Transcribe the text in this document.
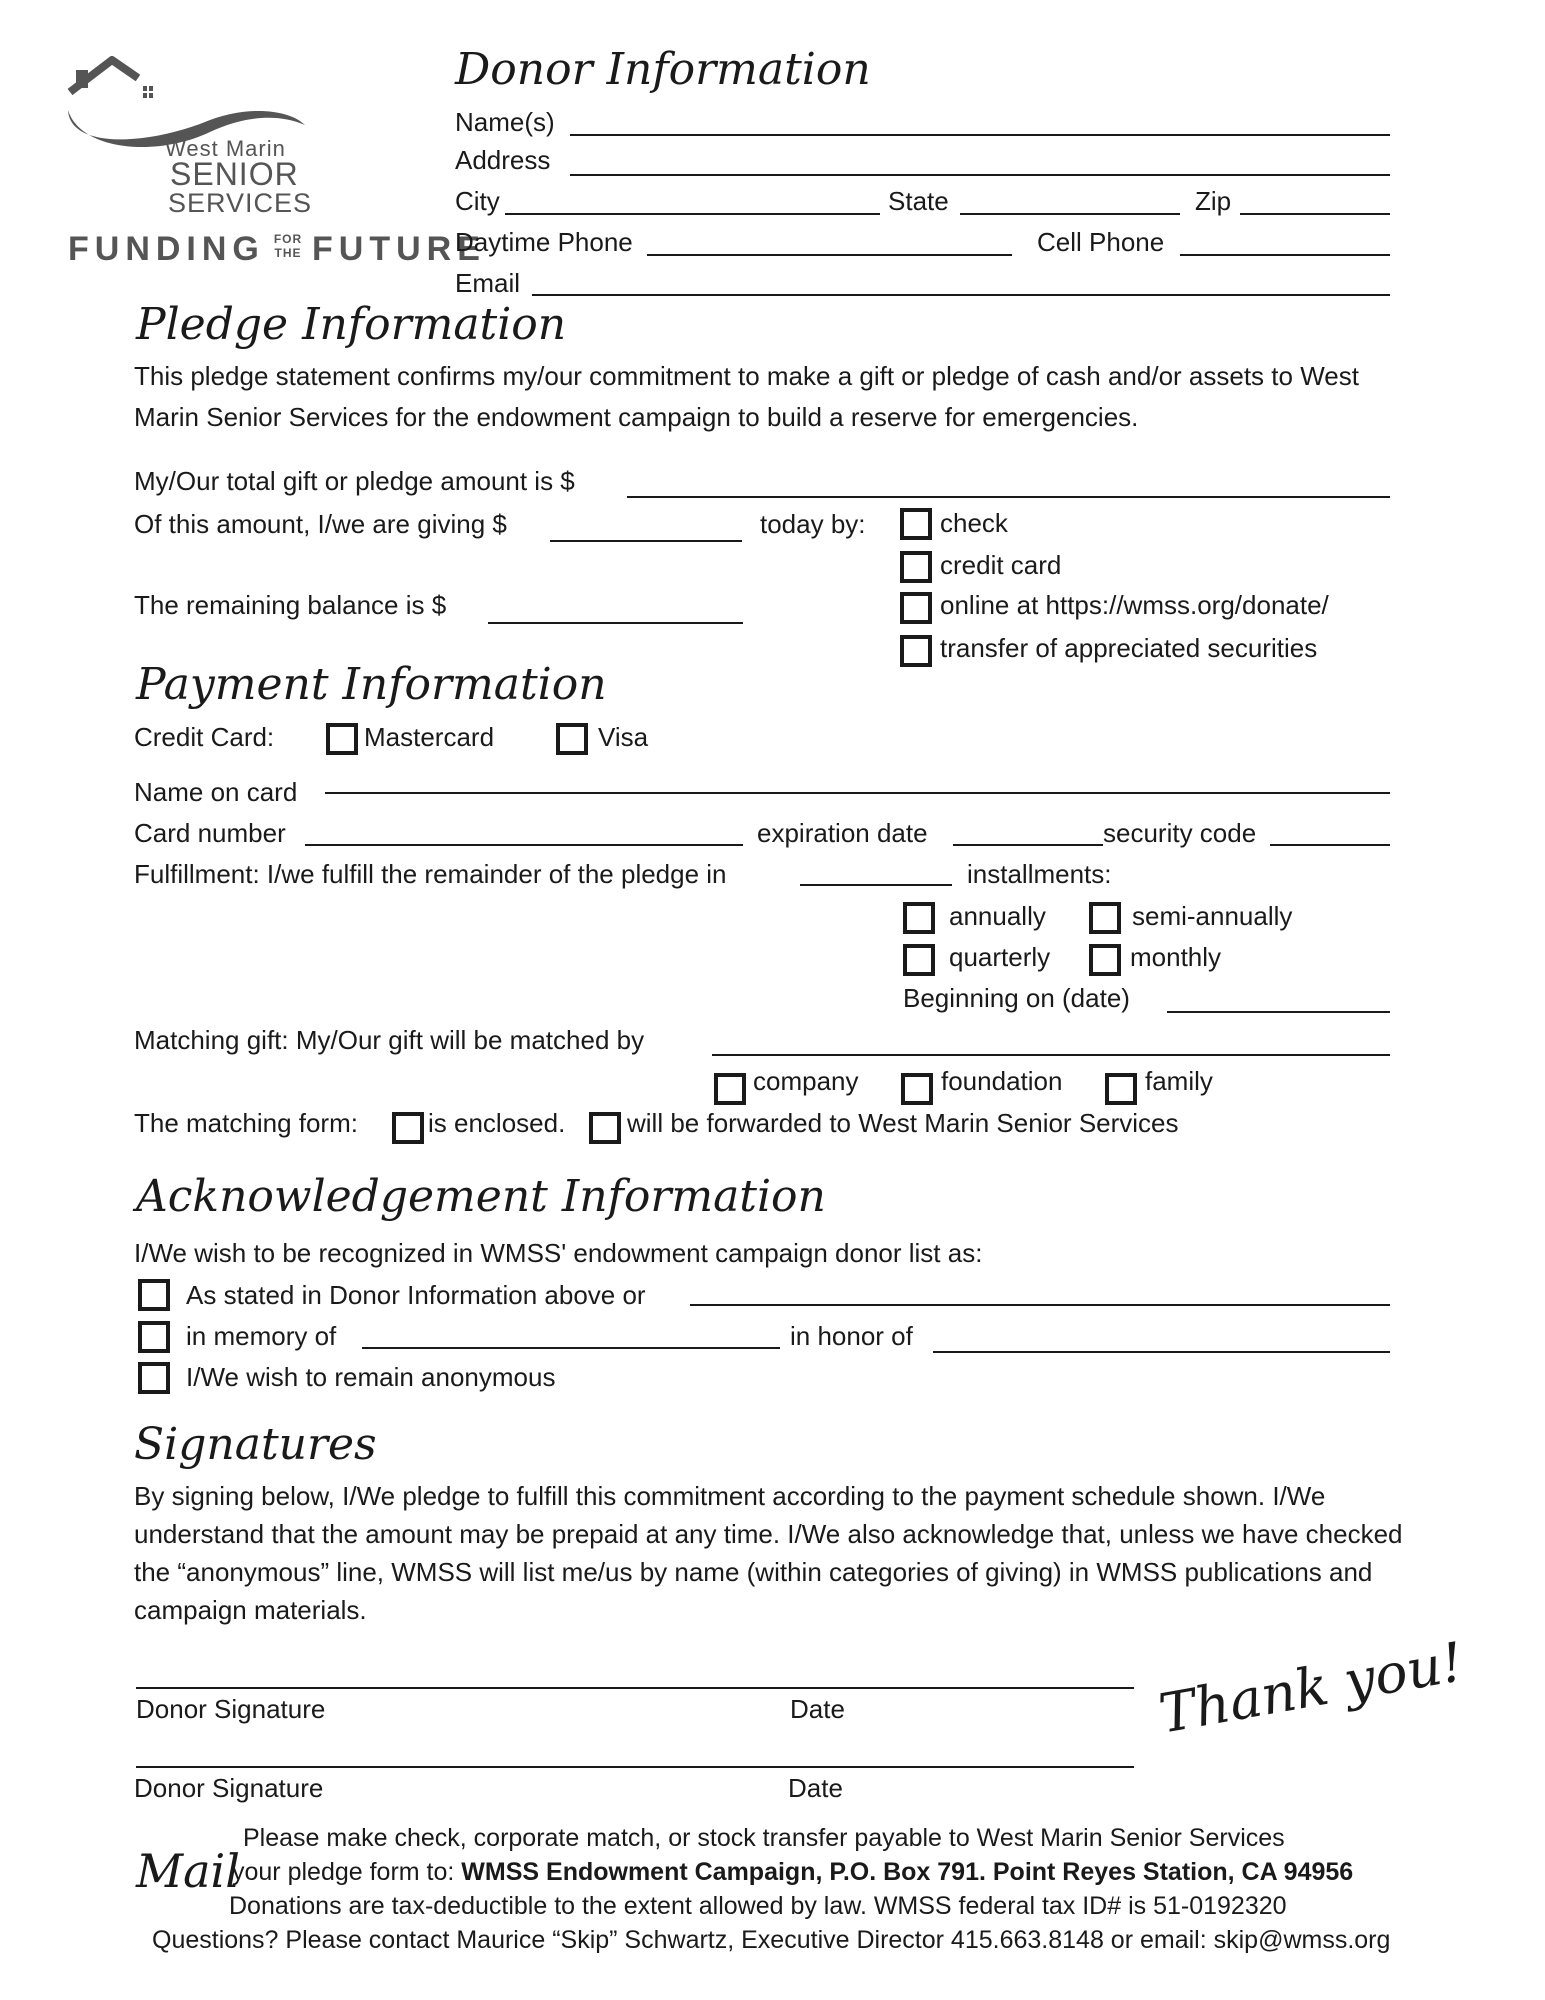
West Marin
SENIOR
SERVICES
FUNDING FOR
THE FUTURE
Donor Information
Name(s)
Address
City	State	Zip
Daytime Phone	Cell Phone
Email
Pledge Information
This pledge statement confirms my/our commitment to make a gift or pledge of cash and/or assets to West Marin Senior Services for the endowment campaign to build a reserve for emergencies.
My/Our total gift or pledge amount is $
Of this amount, I/we are giving $	today by:	check
credit card
online at https://wmss.org/donate/
transfer of appreciated securities
The remaining balance is $
Payment Information
Credit Card:	Mastercard	Visa
Name on card
Card number	expiration date	security code
Fulfillment: I/we fulfill the remainder of the pledge in	installments:
annually	semi-annually
quarterly	monthly
Beginning on (date)
Matching gift: My/Our gift will be matched by
company	foundation	family
The matching form:	is enclosed. will be forwarded to West Marin Senior Services
Acknowledgement Information
I/We wish to be recognized in WMSS' endowment campaign donor list as:
As stated in Donor Information above or
in memory of	in honor of
I/We wish to remain anonymous
Signatures
By signing below, I/We pledge to fulfill this commitment according to the payment schedule shown. I/We understand that the amount may be prepaid at any time. I/We also acknowledge that, unless we have checked the “anonymous” line, WMSS will list me/us by name (within categories of giving) in WMSS publications and campaign materials.
Donor Signature	Date
Donor Signature	Date
Thank you!
Mail
Please make check, corporate match, or stock transfer payable to West Marin Senior Services
your pledge form to: WMSS Endowment Campaign, P.O. Box 791. Point Reyes Station, CA 94956
Donations are tax-deductible to the extent allowed by law. WMSS federal tax ID# is 51-0192320
Questions? Please contact Maurice “Skip” Schwartz, Executive Director 415.663.8148 or email: skip@wmss.org
